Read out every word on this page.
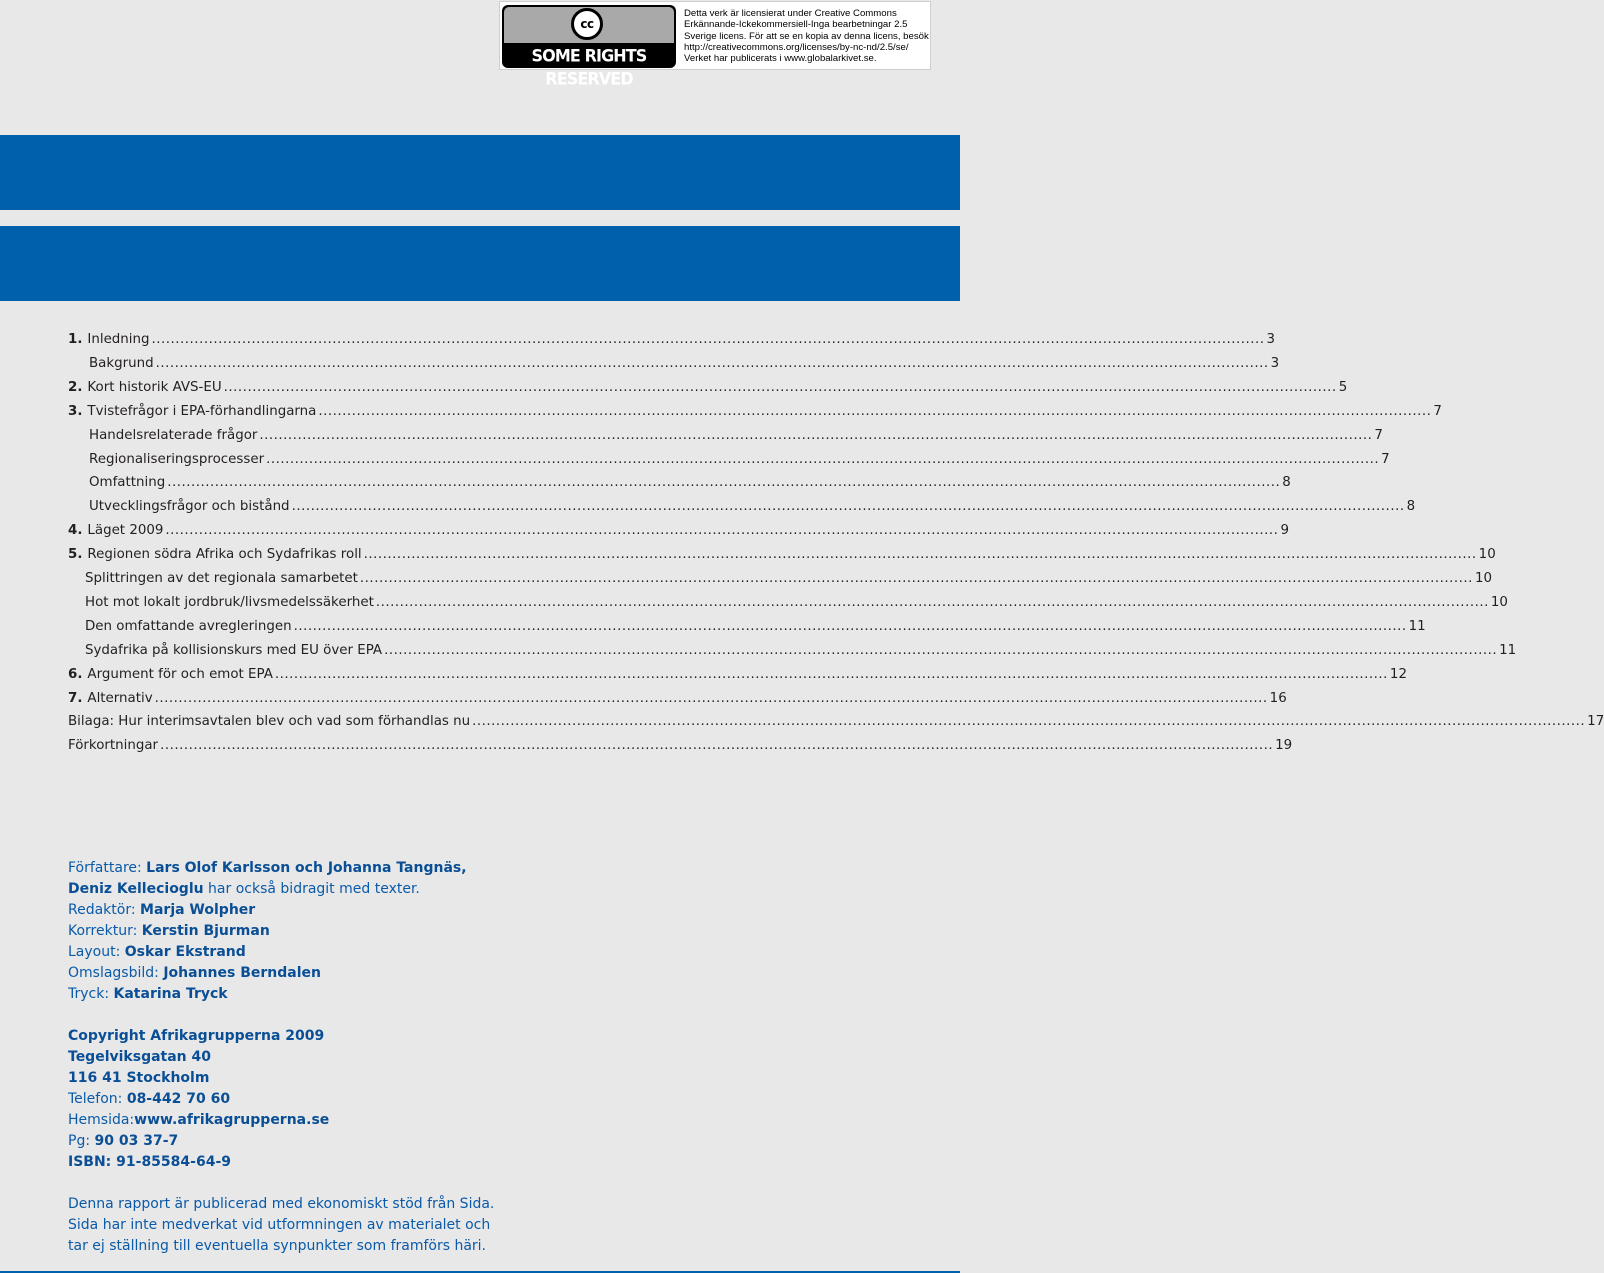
cc
SOME RIGHTS RESERVED
Detta verk är licensierat under Creative Commons
Erkännande-Ickekommersiell-Inga bearbetningar 2.5
Sverige licens. För att se en kopia av denna licens, besök
http://creativecommons.org/licenses/by-nc-nd/2.5/se/
Verket har publicerats i www.globalarkivet.se.
1. Inledning .....	3
Bakgrund .....	3
2. Kort historik AVS-EU .....	5
3. Tvistefrågor i EPA-förhandlingarna .....	7
Handelsrelaterade frågor .....	7
Regionaliseringsprocesser .....	7
Omfattning .....	8
Utvecklingsfrågor och bistånd .....	8
4. Läget 2009 .....	9
5. Regionen södra Afrika och Sydafrikas roll .....	10
Splittringen av det regionala samarbetet .....	10
Hot mot lokalt jordbruk/livsmedelssäkerhet .....	10
Den omfattande avregleringen .....	11
Sydafrika på kollisionskurs med EU över EPA .....	11
6. Argument för och emot EPA .....	12
7. Alternativ .....	16
Bilaga: Hur interimsavtalen blev och vad som förhandlas nu .....	17
Förkortningar .....	19
Författare: Lars Olof Karlsson och Johanna Tangnäs,
Deniz Kellecioglu har också bidragit med texter.
Redaktör: Marja Wolpher
Korrektur: Kerstin Bjurman
Layout: Oskar Ekstrand
Omslagsbild: Johannes Berndalen
Tryck: Katarina Tryck
Copyright Afrikagrupperna 2009
Tegelviksgatan 40
116 41 Stockholm
Telefon: 08-442 70 60
Hemsida:www.afrikagrupperna.se
Pg: 90 03 37-7
ISBN: 91-85584-64-9
Denna rapport är publicerad med ekonomiskt stöd från Sida.
Sida har inte medverkat vid utformningen av materialet och
tar ej ställning till eventuella synpunkter som framförs häri.
